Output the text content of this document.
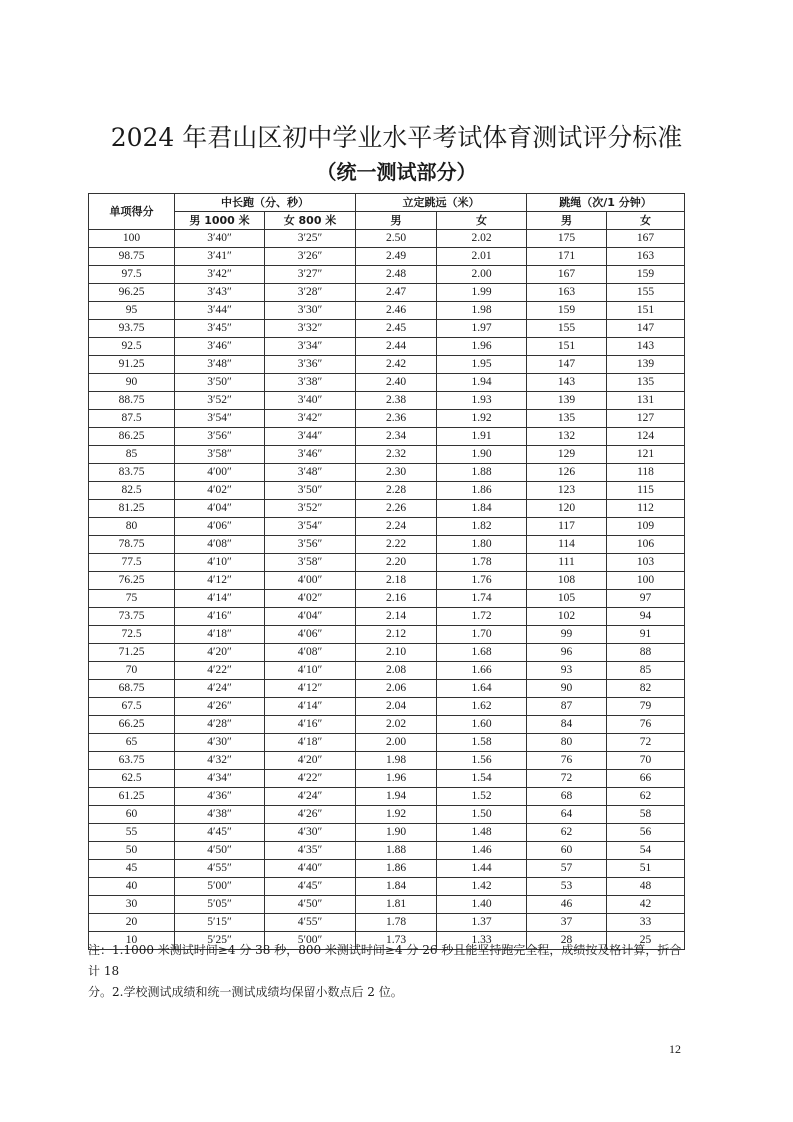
2024 年君山区初中学业水平考试体育测试评分标准
（统一测试部分）
单项得分	中长跑（分、秒）		立定跳远（米）		跳绳（次/1 分钟）	
	男 1000 米	女 800 米	男	女	男	女
100	3′40″	3′25″	2.50	2.02	175	167
98.75	3′41″	3′26″	2.49	2.01	171	163
97.5	3′42″	3′27″	2.48	2.00	167	159
96.25	3′43″	3′28″	2.47	1.99	163	155
95	3′44″	3′30″	2.46	1.98	159	151
93.75	3′45″	3′32″	2.45	1.97	155	147
92.5	3′46″	3′34″	2.44	1.96	151	143
91.25	3′48″	3′36″	2.42	1.95	147	139
90	3′50″	3′38″	2.40	1.94	143	135
88.75	3′52″	3′40″	2.38	1.93	139	131
87.5	3′54″	3′42″	2.36	1.92	135	127
86.25	3′56″	3′44″	2.34	1.91	132	124
85	3′58″	3′46″	2.32	1.90	129	121
83.75	4′00″	3′48″	2.30	1.88	126	118
82.5	4′02″	3′50″	2.28	1.86	123	115
81.25	4′04″	3′52″	2.26	1.84	120	112
80	4′06″	3′54″	2.24	1.82	117	109
78.75	4′08″	3′56″	2.22	1.80	114	106
77.5	4′10″	3′58″	2.20	1.78	111	103
76.25	4′12″	4′00″	2.18	1.76	108	100
75	4′14″	4′02″	2.16	1.74	105	97
73.75	4′16″	4′04″	2.14	1.72	102	94
72.5	4′18″	4′06″	2.12	1.70	99	91
71.25	4′20″	4′08″	2.10	1.68	96	88
70	4′22″	4′10″	2.08	1.66	93	85
68.75	4′24″	4′12″	2.06	1.64	90	82
67.5	4′26″	4′14″	2.04	1.62	87	79
66.25	4′28″	4′16″	2.02	1.60	84	76
65	4′30″	4′18″	2.00	1.58	80	72
63.75	4′32″	4′20″	1.98	1.56	76	70
62.5	4′34″	4′22″	1.96	1.54	72	66
61.25	4′36″	4′24″	1.94	1.52	68	62
60	4′38″	4′26″	1.92	1.50	64	58
55	4′45″	4′30″	1.90	1.48	62	56
50	4′50″	4′35″	1.88	1.46	60	54
45	4′55″	4′40″	1.86	1.44	57	51
40	5′00″	4′45″	1.84	1.42	53	48
30	5′05″	4′50″	1.81	1.40	46	42
20	5′15″	4′55″	1.78	1.37	37	33
10	5′25″	5′00″	1.73	1.33	28	25
注：1.1000 米测试时间≥4 分 38 秒，800 米测试时间≥4 分 26 秒且能坚持跑完全程，成绩按及格计算，折合计 18
分。2.学校测试成绩和统一测试成绩均保留小数点后 2 位。
12
